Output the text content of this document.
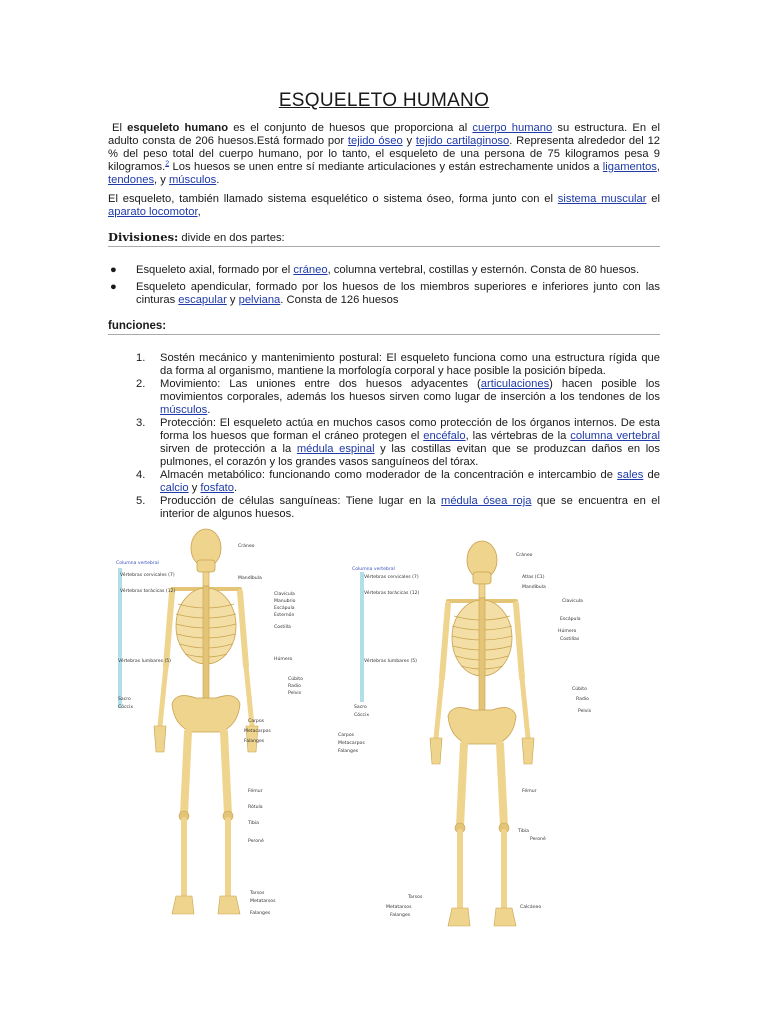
ESQUELETO HUMANO
El esqueleto humano es el conjunto de huesos que proporciona al cuerpo humano su estructura. En el adulto consta de 206 huesos.Está formado por tejido óseo y tejido cartilaginoso. Representa alrededor del 12 % del peso total del cuerpo humano, por lo tanto, el esqueleto de una persona de 75 kilogramos pesa 9 kilogramos.$^2$ Los huesos se unen entre sí mediante articulaciones y están estrechamente unidos a ligamentos, tendones, y músculos.
El esqueleto, también llamado sistema esquelético o sistema óseo, forma junto con el sistema muscular el aparato locomotor,
Divisiones: divide en dos partes:
● Esqueleto axial, formado por el cráneo, columna vertebral, costillas y esternón. Consta de 80 huesos.
● Esqueleto apendicular, formado por los huesos de los miembros superiores e inferiores junto con las cinturas escapular y pelviana. Consta de 126 huesos
funciones:
1. Sostén mecánico y mantenimiento postural: El esqueleto funciona como una estructura rígida que da forma al organismo, mantiene la morfología corporal y hace posible la posición bípeda.
2. Movimiento: Las uniones entre dos huesos adyacentes (articulaciones) hacen posible los movimientos corporales, además los huesos sirven como lugar de inserción a los tendones de los músculos.
3. Protección: El esqueleto actúa en muchos casos como protección de los órganos internos. De esta forma los huesos que forman el cráneo protegen el encéfalo, las vértebras de la columna vertebral sirven de protección a la médula espinal y las costillas evitan que se produzcan daños en los pulmones, el corazón y los grandes vasos sanguíneos del tórax.
4. Almacén metabólico: funcionando como moderador de la concentración e intercambio de sales de calcio y fosfato.
5. Producción de células sanguíneas: Tiene lugar en la médula ósea roja que se encuentra en el interior de algunos huesos.
Cráneo
Columna vertebral
Vértebras cervicales (7)
Mandíbula
Vértebras torácicas (12)
Clavícula
Manubrio
Escápula
Esternón
Costilla
Vértebras lumbares (5)	Húmero
Cúbito
Radio
Pelvis
Sacro
Cóccix
Carpos
Metacarpos
Falanges
Fémur
Rótula
Tibia
Peroné
Tarsos
Metatarsos
Falanges
Cráneo
Columna vertebral
Vértebras cervicales (7)	Atlas (C1)
Mandíbula
Vértebras torácicas (12)
Clavícula
Escápula
Húmero
Costillas
Vértebras lumbares (5)
Cúbito
Radio
Sacro
Cóccix
Pelvis
Carpos
Metacarpos
Falanges
Fémur
Tibia
Peroné
Tarsos
Metatarsos
Falanges
Calcáneo
